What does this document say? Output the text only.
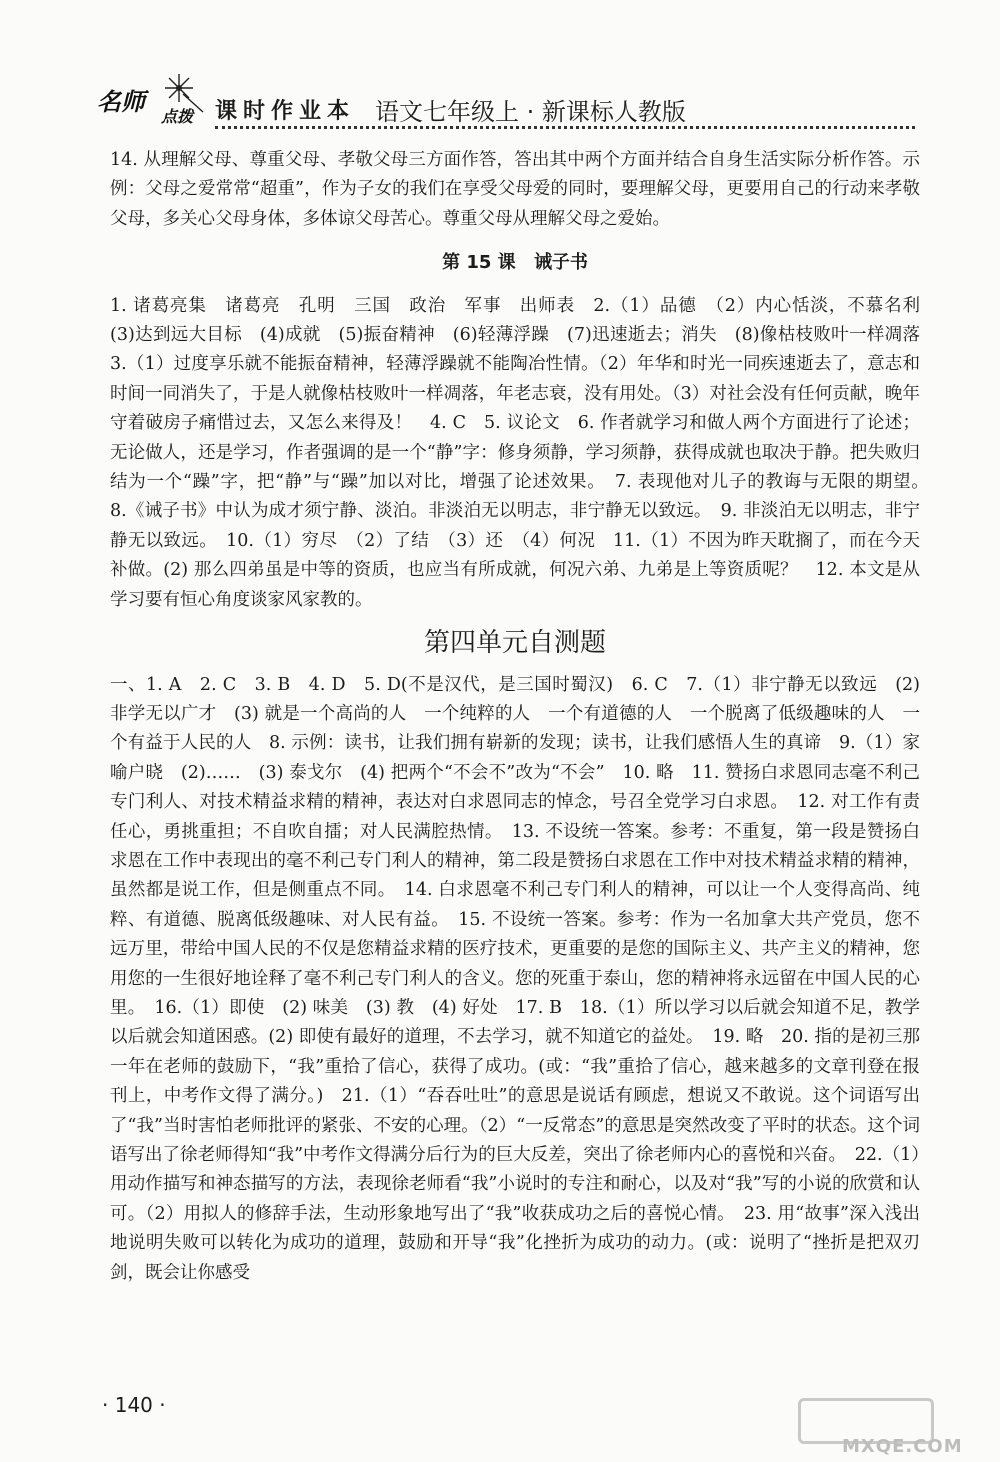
名师
点拨 课时作业本 语文七年级上 · 新课标人教版

14. 从理解父母、尊重父母、孝敬父母三方面作答，答出其中两个方面并结合自身生活实际分析作答。示例：父母之爱常常“超重”，作为子女的我们在享受父母爱的同时，要理解父母，更要用自己的行动来孝敬父母，多关心父母身体，多体谅父母苦心。尊重父母从理解父母之爱始。

第 15 课 诫子书

1. 诸葛亮集　诸葛亮　孔明　三国　政治　军事　出师表　2.（1）品德　（2）内心恬淡，不慕名利　(3)达到远大目标　(4)成就　(5)振奋精神　(6)轻薄浮躁　(7)迅速逝去；消失　(8)像枯枝败叶一样凋落　3.（1）过度享乐就不能振奋精神，轻薄浮躁就不能陶冶性情。（2）年华和时光一同疾速逝去了，意志和时间一同消失了，于是人就像枯枝败叶一样凋落，年老志衰，没有用处。（3）对社会没有任何贡献，晚年守着破房子痛惜过去，又怎么来得及！　4. C　5. 议论文　6. 作者就学习和做人两个方面进行了论述；无论做人，还是学习，作者强调的是一个“静”字：修身须静，学习须静，获得成就也取决于静。把失败归结为一个“躁”字，把“静”与“躁”加以对比，增强了论述效果。　7. 表现他对儿子的教诲与无限的期望。　8.《诫子书》中认为成才须宁静、淡泊。非淡泊无以明志，非宁静无以致远。　9. 非淡泊无以明志，非宁静无以致远。　10.（1）穷尽　（2）了结　（3）还　（4）何况　11.（1）不因为昨天耽搁了，而在今天补做。(2) 那么四弟虽是中等的资质，也应当有所成就，何况六弟、九弟是上等资质呢？　12. 本文是从学习要有恒心角度谈家风家教的。

第四单元自测题

一、1. A　2. C　3. B　4. D　5. D(不是汉代，是三国时蜀汉)　6. C　7.（1）非宁静无以致远　(2) 非学无以广才　(3) 就是一个高尚的人　一个纯粹的人　一个有道德的人　一个脱离了低级趣味的人　一个有益于人民的人　8. 示例：读书，让我们拥有崭新的发现；读书，让我们感悟人生的真谛　9.（1）家喻户晓　(2)……　(3) 泰戈尔　(4) 把两个“不会不”改为“不会”　10. 略　11. 赞扬白求恩同志毫不利己专门利人、对技术精益求精的精神，表达对白求恩同志的悼念，号召全党学习白求恩。　12. 对工作有责任心，勇挑重担；不自吹自擂；对人民满腔热情。　13. 不设统一答案。参考：不重复，第一段是赞扬白求恩在工作中表现出的毫不利己专门利人的精神，第二段是赞扬白求恩在工作中对技术精益求精的精神，虽然都是说工作，但是侧重点不同。　14. 白求恩毫不利己专门利人的精神，可以让一个人变得高尚、纯粹、有道德、脱离低级趣味、对人民有益。　15. 不设统一答案。参考：作为一名加拿大共产党员，您不远万里，带给中国人民的不仅是您精益求精的医疗技术，更重要的是您的国际主义、共产主义的精神，您用您的一生很好地诠释了毫不利己专门利人的含义。您的死重于泰山，您的精神将永远留在中国人民的心里。　16.（1）即使　(2) 味美　(3) 教　(4) 好处　17. B　18.（1）所以学习以后就会知道不足，教学以后就会知道困惑。(2) 即使有最好的道理，不去学习，就不知道它的益处。　19. 略　20. 指的是初三那一年在老师的鼓励下，“我”重拾了信心，获得了成功。(或：“我”重拾了信心，越来越多的文章刊登在报刊上，中考作文得了满分。)　21.（1）“吞吞吐吐”的意思是说话有顾虑，想说又不敢说。这个词语写出了“我”当时害怕老师批评的紧张、不安的心理。（2）“一反常态”的意思是突然改变了平时的状态。这个词语写出了徐老师得知“我”中考作文得满分后行为的巨大反差，突出了徐老师内心的喜悦和兴奋。　22.（1）用动作描写和神态描写的方法，表现徐老师看“我”小说时的专注和耐心，以及对“我”写的小说的欣赏和认可。（2）用拟人的修辞手法，生动形象地写出了“我”收获成功之后的喜悦心情。　23. 用“故事”深入浅出地说明失败可以转化为成功的道理，鼓励和开导“我”化挫折为成功的动力。(或：说明了“挫折是把双刃剑，既会让你感受

· 140 ·
MXQE.COM
